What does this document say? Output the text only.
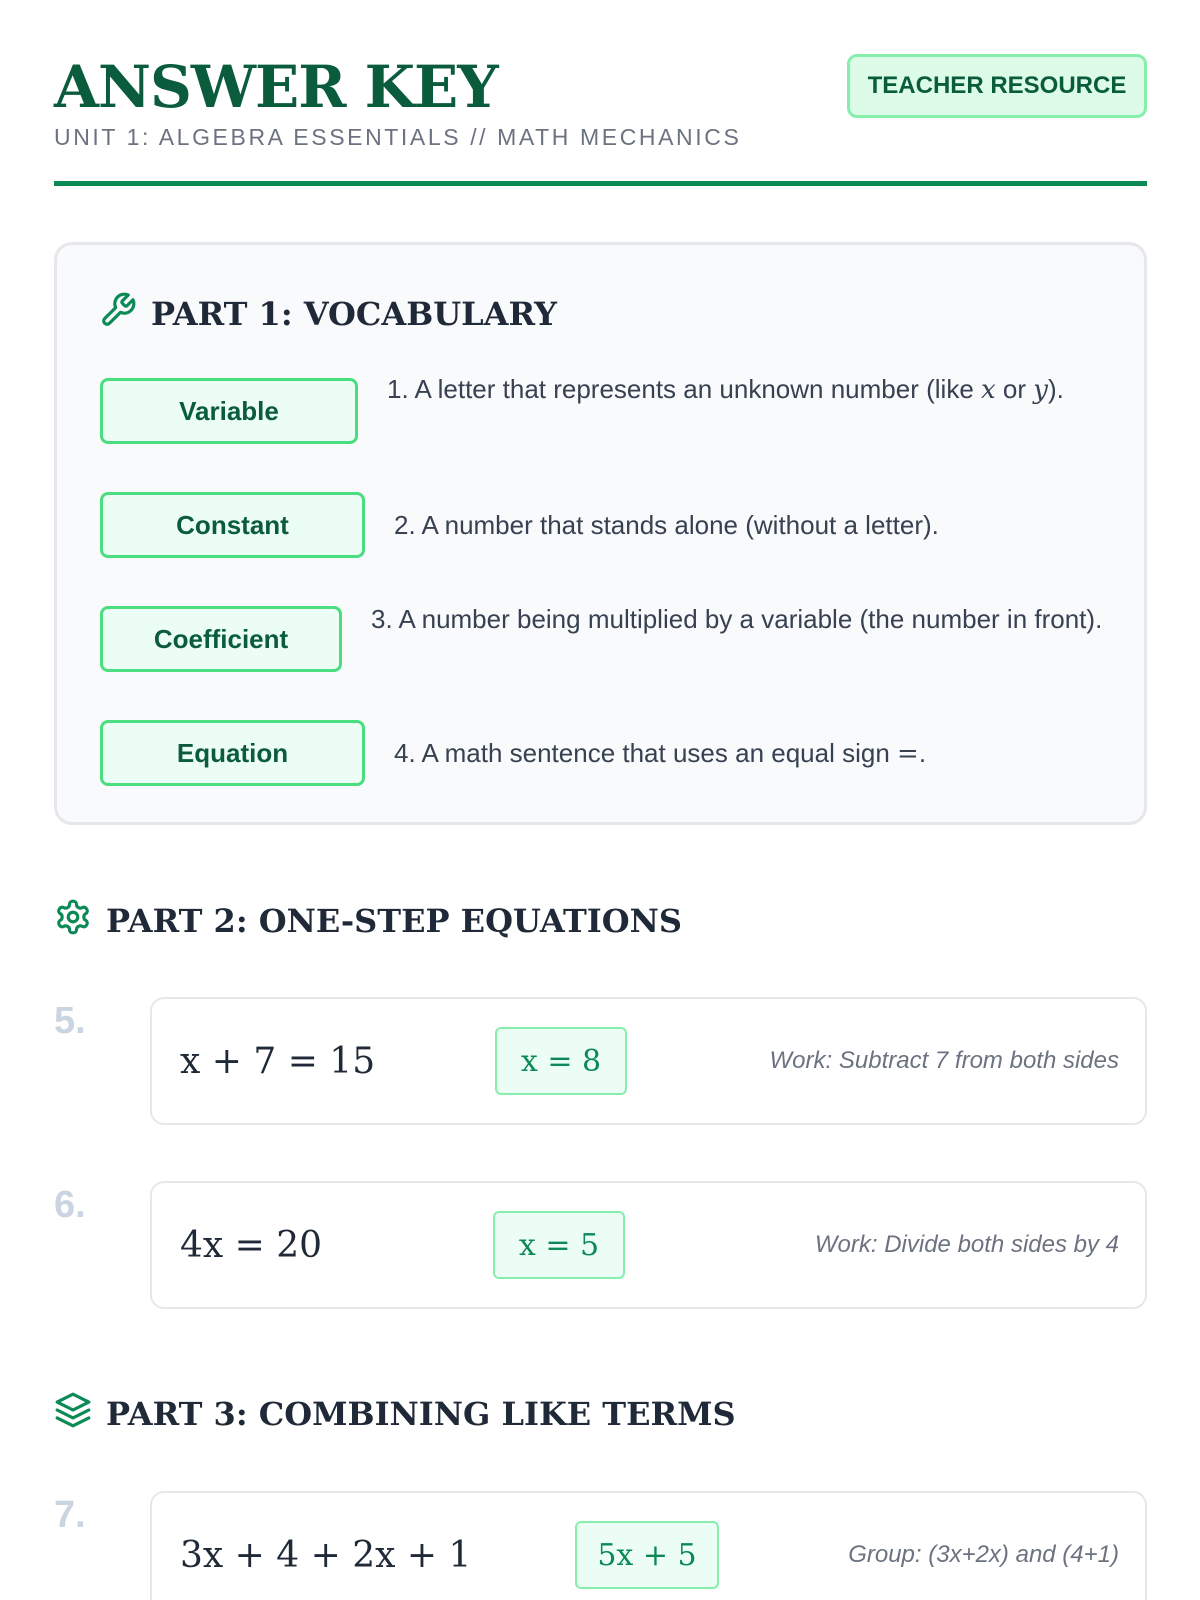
ANSWER KEY
UNIT 1: ALGEBRA ESSENTIALS // MATH MECHANICS
TEACHER RESOURCE
PART 1: VOCABULARY
Variable
1. A letter that represents an unknown number (like x or y).
Constant	2. A number that stands alone (without a letter).
Coefficient
3. A number being multiplied by a variable (the number in front).
Equation	4. A math sentence that uses an equal sign =.
PART 2: ONE-STEP EQUATIONS
5.
x + 7 = 15	x = 8	Work: Subtract 7 from both sides
6.
4x = 20	x = 5	Work: Divide both sides by 4
PART 3: COMBINING LIKE TERMS
7.
3x + 4 + 2x + 1	5x + 5	Group: (3x+2x) and (4+1)
